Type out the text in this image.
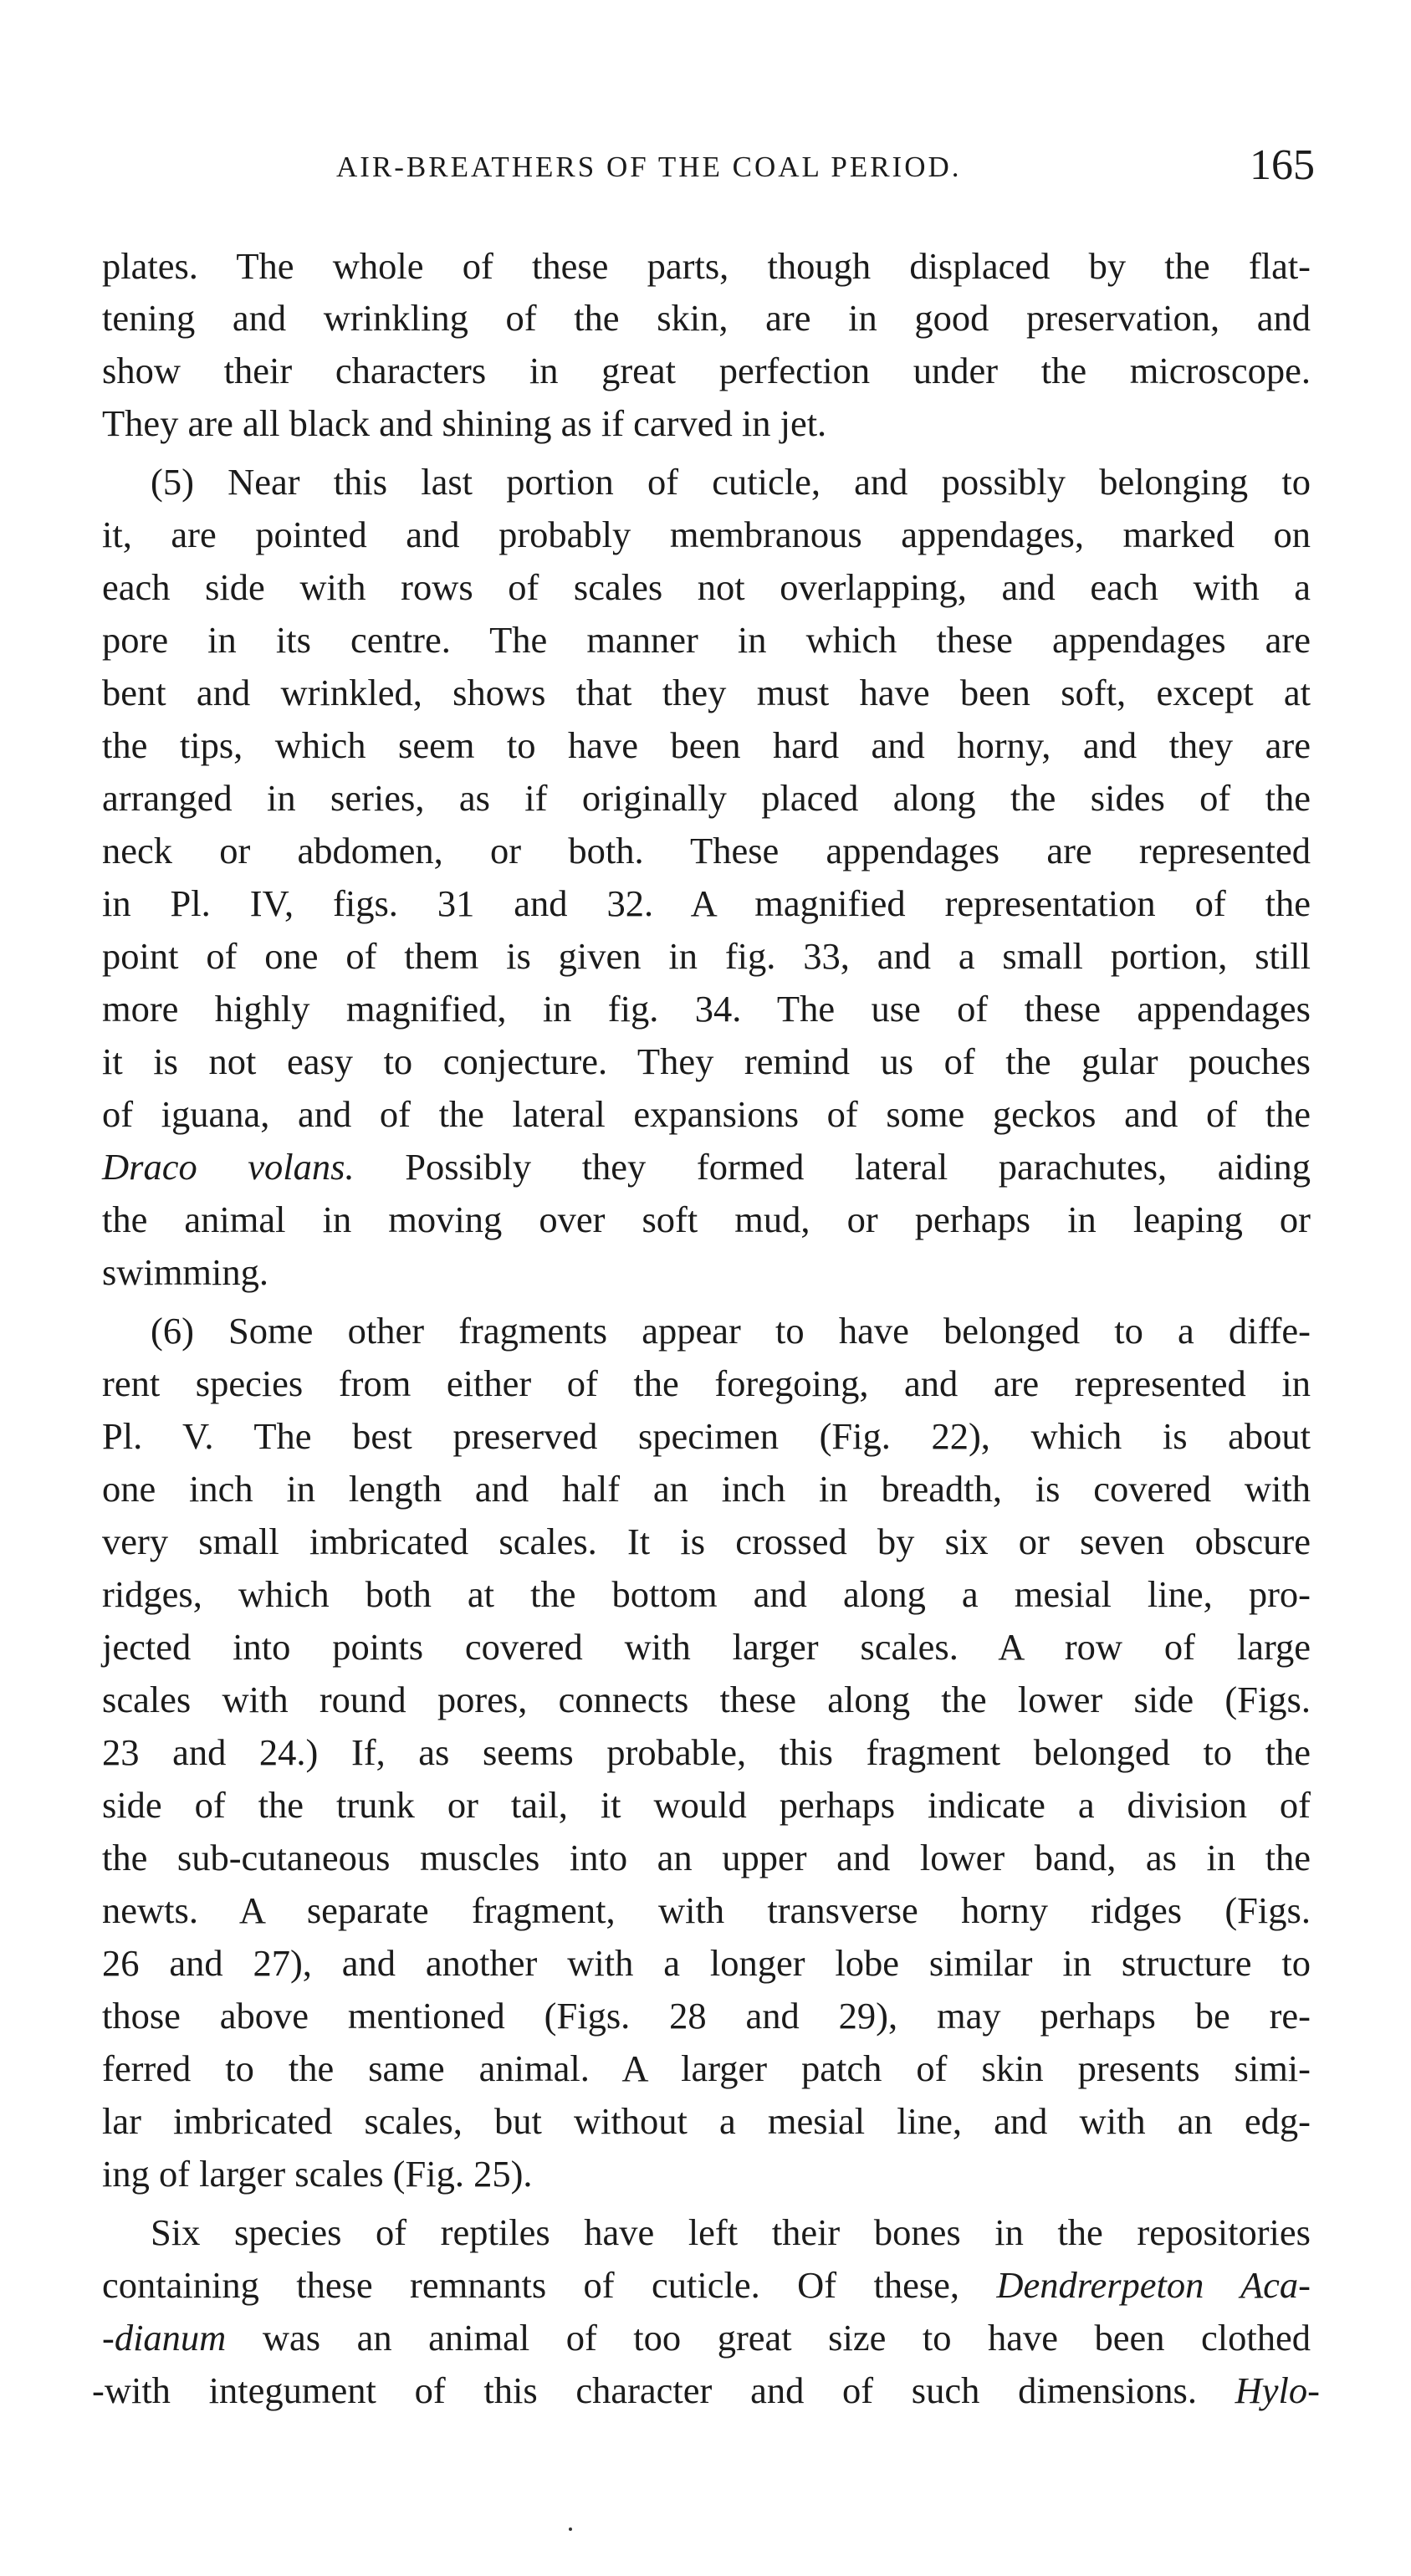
AIR-BREATHERS OF THE COAL PERIOD.	165
plates. The whole of these parts, though displaced by the flat-
tening and wrinkling of the skin, are in good preservation, and
show their characters in great perfection under the microscope.
They are all black and shining as if carved in jet.
(5) Near this last portion of cuticle, and possibly belonging to
it, are pointed and probably membranous appendages, marked on
each side with rows of scales not overlapping, and each with a
pore in its centre. The manner in which these appendages are
bent and wrinkled, shows that they must have been soft, except at
the tips, which seem to have been hard and horny, and they are
arranged in series, as if originally placed along the sides of the
neck or abdomen, or both. These appendages are represented
in Pl. IV, figs. 31 and 32. A magnified representation of the
point of one of them is given in fig. 33, and a small portion, still
more highly magnified, in fig. 34. The use of these appendages
it is not easy to conjecture. They remind us of the gular pouches
of iguana, and of the lateral expansions of some geckos and of the
Draco volans. Possibly they formed lateral parachutes, aiding
the animal in moving over soft mud, or perhaps in leaping or
swimming.
(6) Some other fragments appear to have belonged to a diffe-
rent species from either of the foregoing, and are represented in
Pl. V. The best preserved specimen (Fig. 22), which is about
one inch in length and half an inch in breadth, is covered with
very small imbricated scales. It is crossed by six or seven obscure
ridges, which both at the bottom and along a mesial line, pro-
jected into points covered with larger scales. A row of large
scales with round pores, connects these along the lower side (Figs.
23 and 24.) If, as seems probable, this fragment belonged to the
side of the trunk or tail, it would perhaps indicate a division of
the sub-cutaneous muscles into an upper and lower band, as in the
newts. A separate fragment, with transverse horny ridges (Figs.
26 and 27), and another with a longer lobe similar in structure to
those above mentioned (Figs. 28 and 29), may perhaps be re-
ferred to the same animal. A larger patch of skin presents simi-
lar imbricated scales, but without a mesial line, and with an edg-
ing of larger scales (Fig. 25).
Six species of reptiles have left their bones in the repositories
containing these remnants of cuticle. Of these, Dendrerpeton Aca-
-dianum was an animal of too great size to have been clothed
-with integument of this character and of such dimensions. Hylo-
